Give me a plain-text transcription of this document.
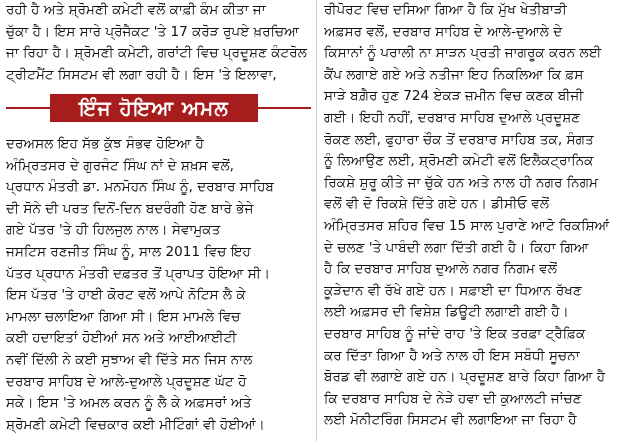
ਰਹੀ ਹੈ ਅਤੇ ਸ਼੍ਰੋਮਣੀ ਕਮੇਟੀ ਵਲੋਂ ਕਾਫ਼ੀ ਕੰਮ ਕੀਤਾ ਜਾ
ਚੁੱਕਾ ਹੈ। ਇਸ ਸਾਰੇ ਪ੍ਰੋਜੈਕਟ 'ਤੇ 17 ਕਰੋੜ ਰੁਪਏ ਖ਼ਰਚਿਆ
ਜਾ ਰਿਹਾ ਹੈ। ਸ਼੍ਰੋਮਣੀ ਕਮੇਟੀ, ਗਰਾਂਟੀ ਵਿਚ ਪ੍ਰਦੂਸ਼ਣ ਕੰਟਰੋਲ
ਟ੍ਰੀਟਮੈਂਟ ਸਿਸਟਮ ਵੀ ਲਗਾ ਰਹੀ ਹੈ। ਇਸ 'ਤੇ ਇਲਾਵਾ,
ਇੰਜ ਹੋਇਆ ਅਮਲ
ਦਰਅਸਲ ਇਹ ਸੱਭ ਕੁੱਝ ਸੰਭਵ ਹੋਇਆ ਹੈ
ਅੰਮ੍ਰਿਤਸਰ ਦੇ ਗੁਰਜੰਟ ਸਿੰਘ ਨਾਂ ਦੇ ਸ਼ਖ਼ਸ ਵਲੋਂ,
ਪ੍ਰਧਾਨ ਮੰਤਰੀ ਡਾ. ਮਨਮੋਹਨ ਸਿੰਘ ਨੂੰ, ਦਰਬਾਰ ਸਾਹਿਬ
ਦੀ ਸੋਨੇ ਦੀ ਪਰਤ ਦਿਨੋਂ-ਦਿਨ ਬਦਰੰਗੀ ਹੋਣ ਬਾਰੇ ਭੇਜੇ
ਗਏ ਪੱਤਰ 'ਤੇ ਹੀ ਹਿਲਜੁਲ ਨਾਲ। ਸੇਵਾਮੁਕਤ
ਜਸਟਿਸ ਰਣਜੀਤ ਸਿੰਘ ਨੂੰ, ਸਾਲ 2011 ਵਿਚ ਇਹ
ਪੱਤਰ ਪ੍ਰਧਾਨ ਮੰਤਰੀ ਦਫ਼ਤਰ ਤੋਂ ਪ੍ਰਾਪਤ ਹੋਇਆ ਸੀ।
ਇਸ ਪੱਤਰ 'ਤੇ ਹਾਈ ਕੋਰਟ ਵਲੋਂ ਆਪੇ ਨੋਟਿਸ ਲੈ ਕੇ
ਮਾਮਲਾ ਚਲਾਇਆ ਗਿਆ ਸੀ। ਇਸ ਮਾਮਲੇ ਵਿਚ
ਕਈ ਹਦਾਇਤਾਂ ਹੋਈਆਂ ਸਨ ਅਤੇ ਆਈਆਈਟੀ
ਨਵੀਂ ਦਿੱਲੀ ਨੇ ਕਈ ਸੁਝਾਅ ਵੀ ਦਿੱਤੇ ਸਨ ਜਿਸ ਨਾਲ
ਦਰਬਾਰ ਸਾਹਿਬ ਦੇ ਆਲੇ-ਦੁਆਲੇ ਪ੍ਰਦੂਸ਼ਣ ਘੱਟ ਹੋ
ਸਕੇ। ਇਸ 'ਤੇ ਅਮਲ ਕਰਨ ਨੂੰ ਲੈ ਕੇ ਅਫ਼ਸਰਾਂ ਅਤੇ
ਸ਼੍ਰੋਮਣੀ ਕਮੇਟੀ ਵਿਚਕਾਰ ਕਈ ਮੀਟਿੰਗਾਂ ਵੀ ਹੋਈਆਂ।
ਰੀਪੋਰਟ ਵਿਚ ਦਸਿਆ ਗਿਆ ਹੈ ਕਿ ਮੁੱਖ ਖੇਤੀਬਾੜੀ
ਅਫ਼ਸਰ ਵਲੋਂ, ਦਰਬਾਰ ਸਾਹਿਬ ਦੇ ਆਲੇ-ਦੁਆਲੇ ਦੇ
ਕਿਸਾਨਾਂ ਨੂੰ ਪਰਾਲੀ ਨਾ ਸਾੜਨ ਪ੍ਰਤੀ ਜਾਗਰੂਕ ਕਰਨ ਲਈ
ਕੈਂਪ ਲਗਾਏ ਗਏ ਅਤੇ ਨਤੀਜਾ ਇਹ ਨਿਕਲਿਆ ਕਿ ਫ਼ਸ
ਸਾੜੇ ਬਗ਼ੈਰ ਹੁਣ 724 ਏਕੜ ਜ਼ਮੀਨ ਵਿਚ ਕਣਕ ਬੀਜੀ
ਗਈ। ਇਹੀ ਨਹੀਂ, ਦਰਬਾਰ ਸਾਹਿਬ ਦੁਆਲੇ ਪ੍ਰਦੂਸ਼ਣ
ਰੋਕਣ ਲਈ, ਫੁਹਾਰਾ ਚੌਕ ਤੋਂ ਦਰਬਾਰ ਸਾਹਿਬ ਤਕ, ਸੰਗਤ
ਨੂੰ ਲਿਆਉਣ ਲਈ, ਸ਼੍ਰੋਮਣੀ ਕਮੇਟੀ ਵਲੋਂ ਇਲੈਕਟ੍ਰਾਨਿਕ
ਰਿਕਸ਼ੇ ਸ਼ੁਰੂ ਕੀਤੇ ਜਾ ਚੁੱਕੇ ਹਨ ਅਤੇ ਨਾਲ ਹੀ ਨਗਰ ਨਿਗਮ
ਵਲੋਂ ਵੀ ਦੋ ਰਿਕਸ਼ੇ ਦਿੱਤੇ ਗਏ ਹਨ। ਡੀਸੀਓ ਵਲੋਂ
ਅੰਮ੍ਰਿਤਸਰ ਸ਼ਹਿਰ ਵਿਚ 15 ਸਾਲ ਪੁਰਾਣੇ ਆਟੋ ਰਿਕਸ਼ਿਆਂ
ਦੇ ਚਲਣ 'ਤੇ ਪਾਬੰਦੀ ਲਗਾ ਦਿੱਤੀ ਗਈ ਹੈ। ਕਿਹਾ ਗਿਆ
ਹੈ ਕਿ ਦਰਬਾਰ ਸਾਹਿਬ ਦੁਆਲੇ ਨਗਰ ਨਿਗਮ ਵਲੋਂ
ਕੂੜੇਦਾਨ ਵੀ ਰੱਖੇ ਗਏ ਹਨ। ਸਫ਼ਾਈ ਦਾ ਧਿਆਨ ਰੱਖਣ
ਲਈ ਅਫ਼ਸਰ ਦੀ ਵਿਸ਼ੇਸ਼ ਡਿਊਟੀ ਲਗਾਈ ਗਈ ਹੈ।
ਦਰਬਾਰ ਸਾਹਿਬ ਨੂੰ ਜਾਂਦੇ ਰਾਹ 'ਤੇ ਇਕ ਤਰਫ਼ਾ ਟ੍ਰੈਫ਼ਿਕ
ਕਰ ਦਿੱਤਾ ਗਿਆ ਹੈ ਅਤੇ ਨਾਲ ਹੀ ਇਸ ਸਬੰਧੀ ਸੂਚਨਾ
ਬੋਰਡ ਵੀ ਲਗਾਏ ਗਏ ਹਨ। ਪ੍ਰਦੂਸ਼ਣ ਬਾਰੇ ਕਿਹਾ ਗਿਆ ਹੈ
ਕਿ ਦਰਬਾਰ ਸਾਹਿਬ ਦੇ ਨੇੜੇ ਹਵਾ ਦੀ ਕੁਆਲਟੀ ਜਾਂਚਣ
ਲਈ ਮੋਨੀਟਰਿੰਗ ਸਿਸਟਮ ਵੀ ਲਗਾਇਆ ਜਾ ਰਿਹਾ ਹੈ
